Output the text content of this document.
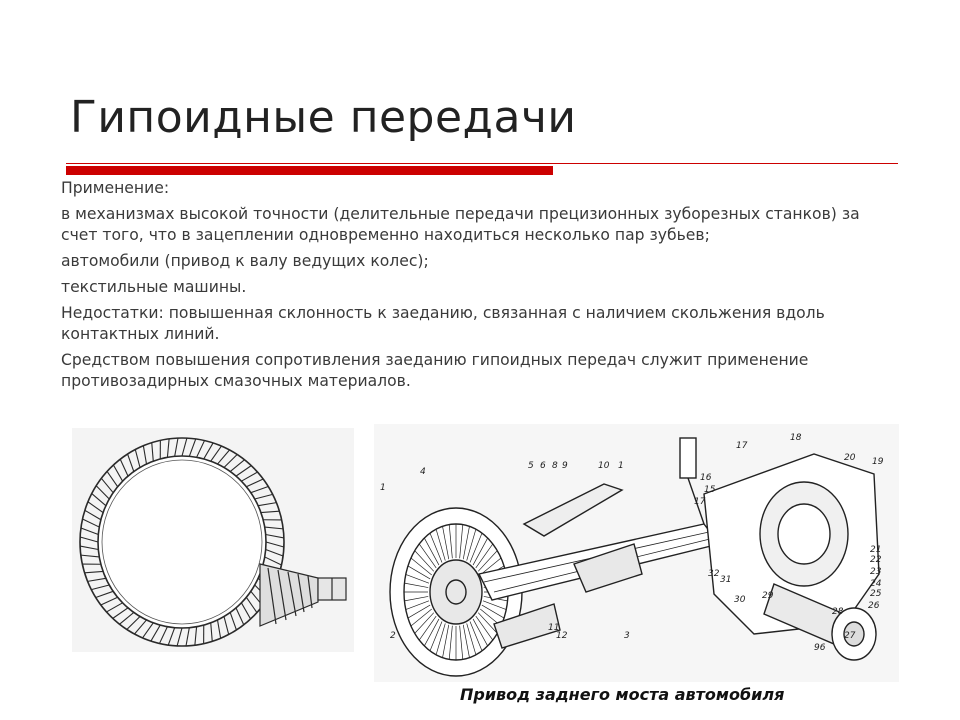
Гипоидные передачи

Применение:

в механизмах высокой точности (делительные передачи прецизионных зуборезных станков) за счет того, что в зацеплении одновременно находиться несколько пар зубьев;

автомобили (привод к валу ведущих колес);

текстильные машины.

Недостатки: повышенная склонность к заеданию, связанная с наличием скольжения вдоль контактных линий.

Средством повышения сопротивления заеданию гипоидных передач служит применение противозадирных смазочных материалов.

1
2
4
5 6 8 9	10 1
17
18
20 19
21
22
24
25
26
23
27
28
29
30
31
32
96
15
16
17
12
11
3
Привод заднего моста автомобиля
